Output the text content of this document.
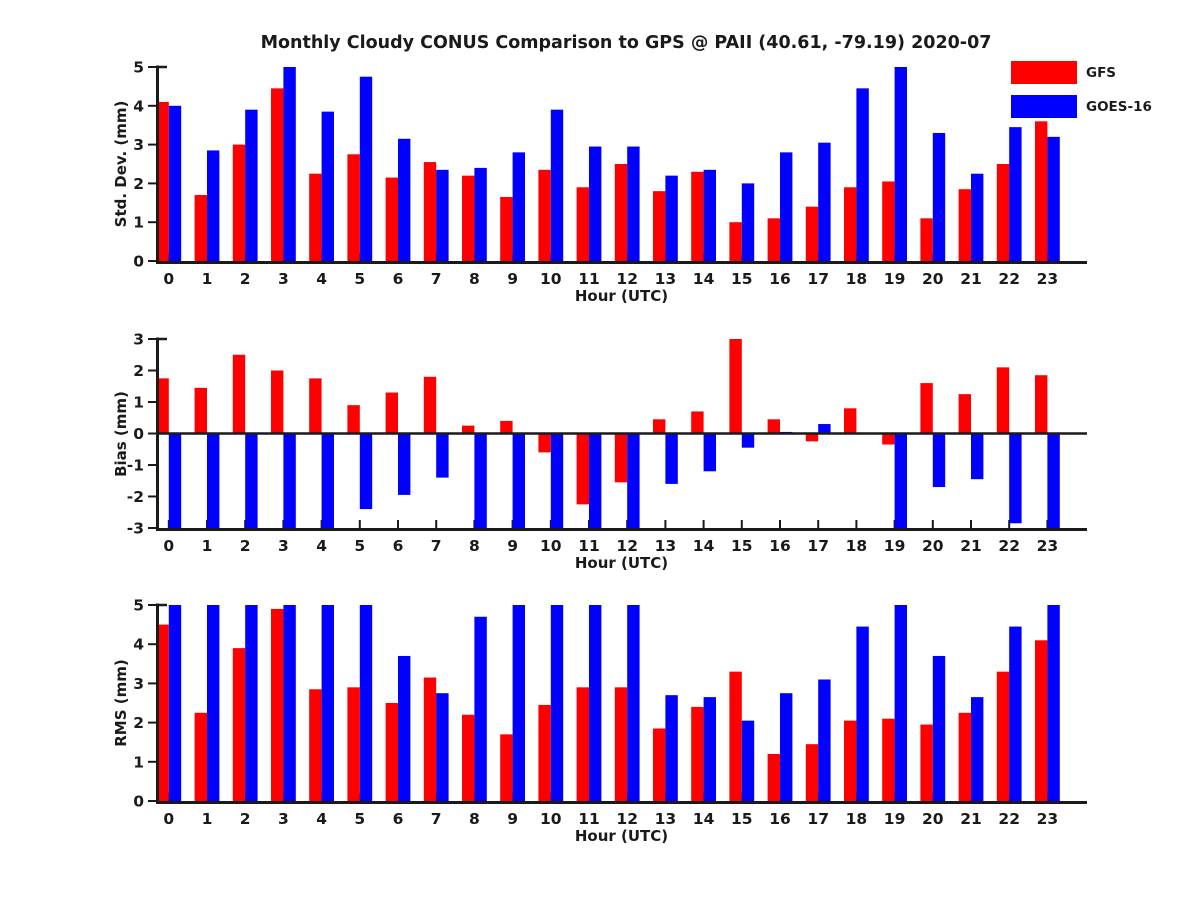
Monthly Cloudy CONUS Comparison to GPS @ PAII (40.61, -79.19) 2020-07
0
1
2
3
4
5
0 1 2 3 4 5 6 7 8 9 10 11 12 13 14 15 16 17 18 19 20 21 22 23
-3
-2
-1
0
1
2
3
0 1 2 3 4 5 6 7 8 9 10 11 12 13 14 15 16 17 18 19 20 21 22 23
0
1
2
3
4
5
0 1 2 3 4 5 6 7 8 9 10 11 12 13 14 15 16 17 18 19 20 21 22 23
GFS
GOES-16
Std. Dev. (mm)
Bias (mm)
RMS (mm)
Hour (UTC)
Hour (UTC)
Hour (UTC)
